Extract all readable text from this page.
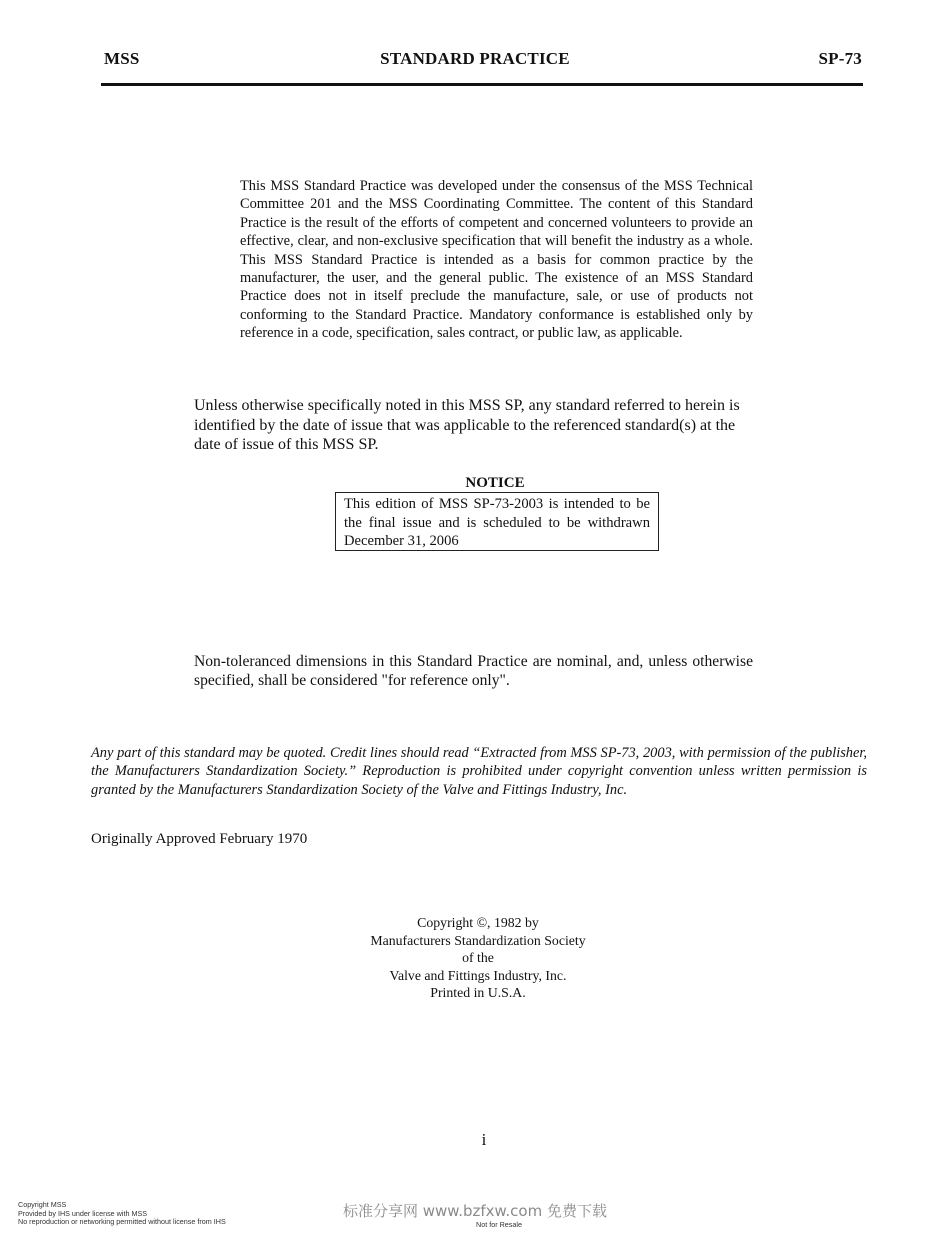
MSS	STANDARD PRACTICE	SP-73
This MSS Standard Practice was developed under the consensus of the MSS Technical Committee 201 and the MSS Coordinating Committee. The content of this Standard Practice is the result of the efforts of competent and concerned volunteers to provide an effective, clear, and non-exclusive specification that will benefit the industry as a whole. This MSS Standard Practice is intended as a basis for common practice by the manufacturer, the user, and the general public. The existence of an MSS Standard Practice does not in itself preclude the manufacture, sale, or use of products not conforming to the Standard Practice. Mandatory conformance is established only by reference in a code, specification, sales contract, or public law, as applicable.
Unless otherwise specifically noted in this MSS SP, any standard referred to herein is identified by the date of issue that was applicable to the referenced standard(s) at the date of issue of this MSS SP.
NOTICE
This edition of MSS SP-73-2003 is intended to be the final issue and is scheduled to be withdrawn December 31, 2006
Non-toleranced dimensions in this Standard Practice are nominal, and, unless otherwise specified, shall be considered "for reference only".
Any part of this standard may be quoted. Credit lines should read “Extracted from MSS SP-73, 2003, with permission of the publisher, the Manufacturers Standardization Society.” Reproduction is prohibited under copyright convention unless written permission is granted by the Manufacturers Standardization Society of the Valve and Fittings Industry, Inc.
Originally Approved February 1970
Copyright ©, 1982 by
Manufacturers Standardization Society
of the
Valve and Fittings Industry, Inc.
Printed in U.S.A.
i
Copyright MSS
Provided by IHS under license with MSS
No reproduction or networking permitted without license from IHS
标准分享网 www.bzfxw.com 免费下载
Not for Resale
